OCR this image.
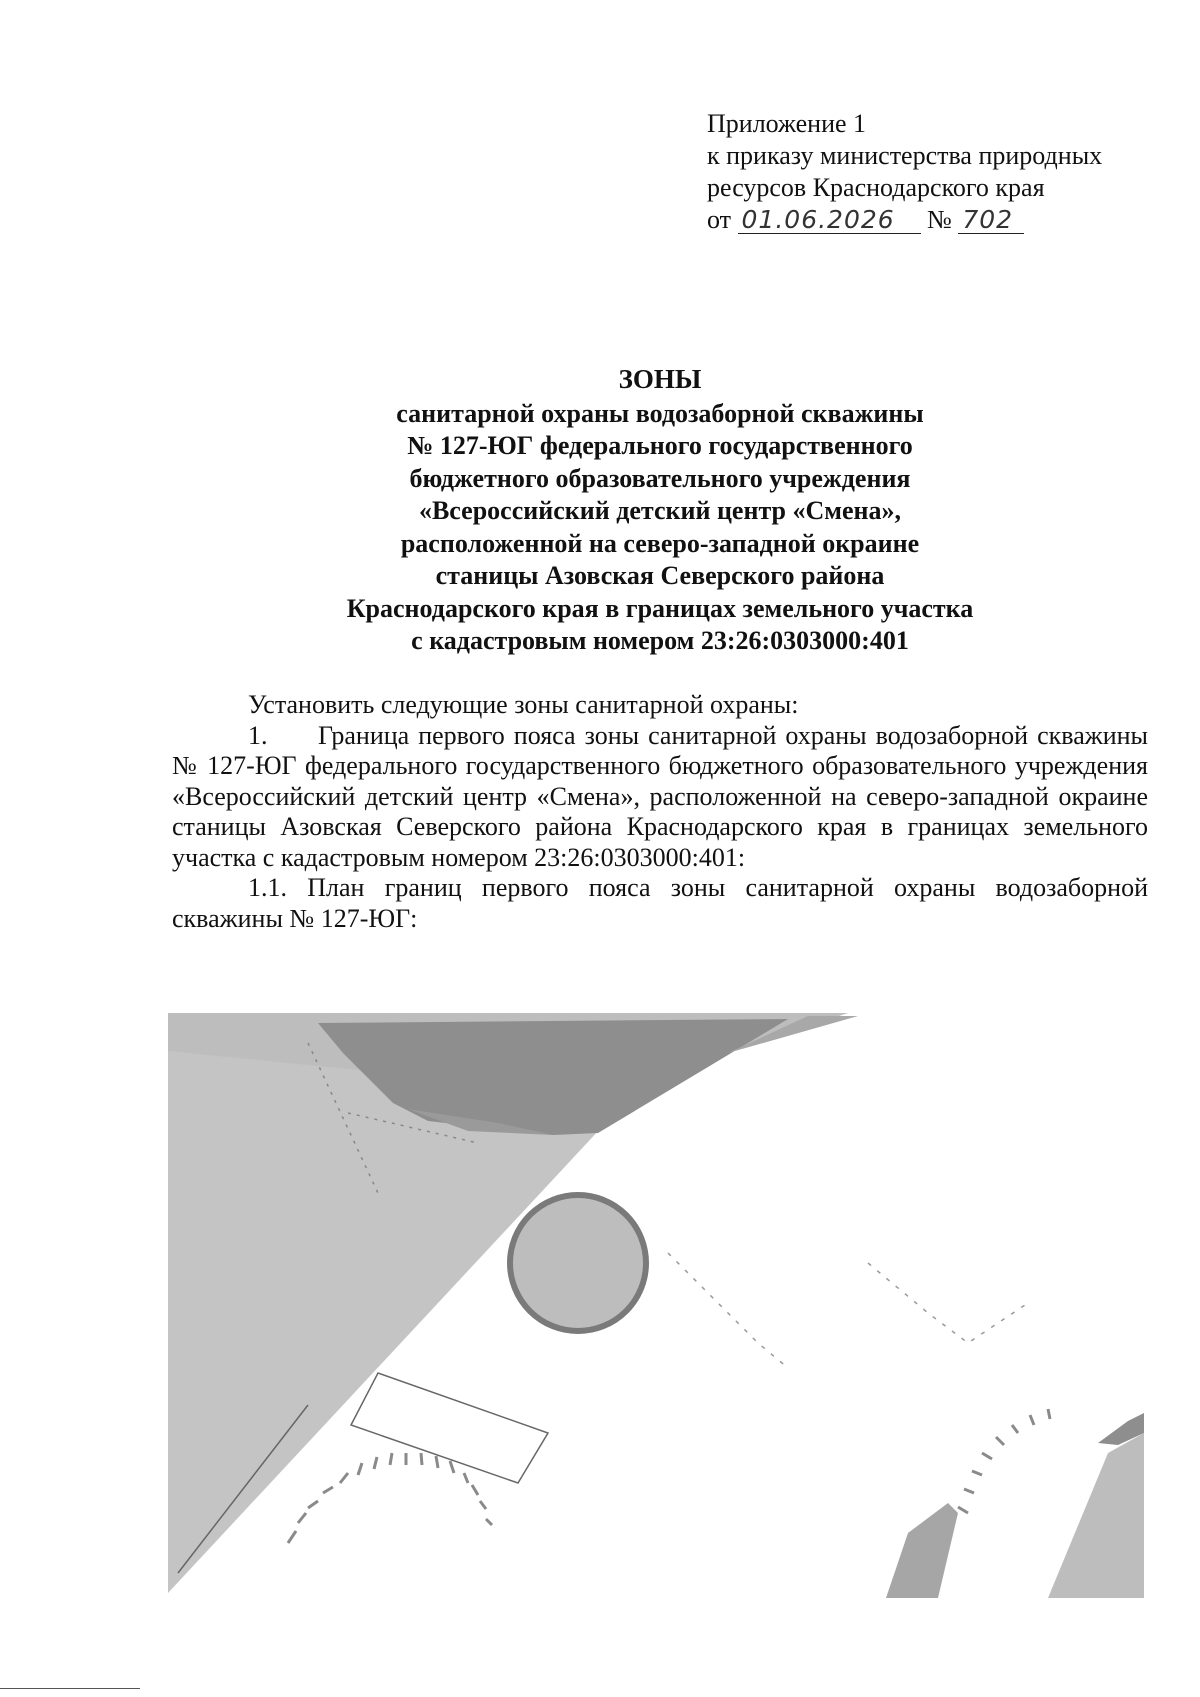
Приложение 1
к приказу министерства природных
ресурсов Краснодарского края
от 01.06.2026 № 702
ЗОНЫ
санитарной охраны водозаборной скважины
№ 127-ЮГ федерального государственного
бюджетного образовательного учреждения
«Всероссийский детский центр «Смена»,
расположенной на северо-западной окраине
станицы Азовская Северского района
Краснодарского края в границах земельного участка
с кадастровым номером 23:26:0303000:401
Установить следующие зоны санитарной охраны:
1. Граница первого пояса зоны санитарной охраны водозаборной скважины № 127-ЮГ федерального государственного бюджетного образовательного учреждения «Всероссийский детский центр «Смена», расположенной на северо-западной окраине станицы Азовская Северского района Краснодарского края в границах земельного участка с кадастровым номером 23:26:0303000:401:
1.1. План границ первого пояса зоны санитарной охраны водозаборной скважины № 127-ЮГ:
